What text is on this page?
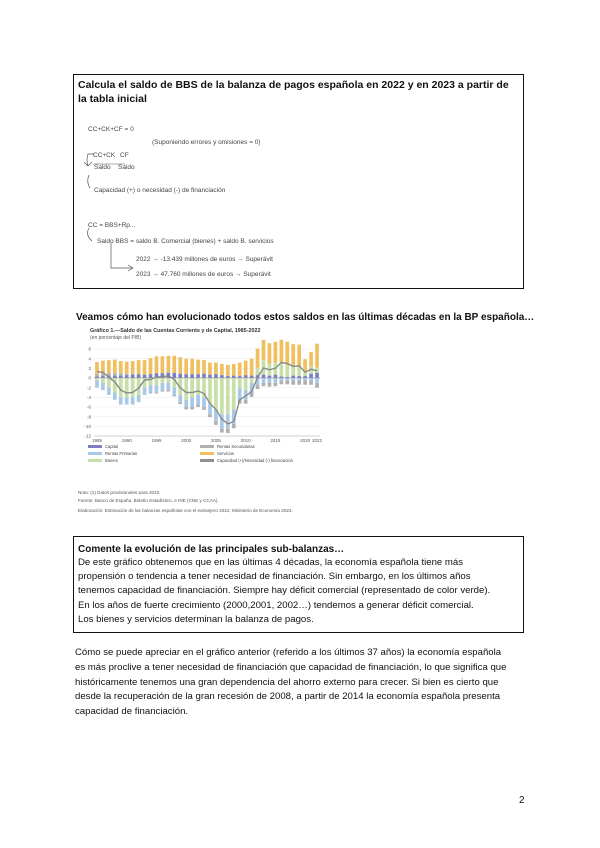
Calcula el saldo de BBS de la balanza de pagos española en 2022 y en 2023 a partir de la tabla inicial
CC+CK+CF = 0
(Suponiendo errores y omisiones = 0)
CC+CK CF
Saldo Saldo
Capacidad (+) o necesidad (-) de financiación
CC = BBS+Rp...
Saldo BBS = saldo B. Comercial (bienes) + saldo B. servicios
2022 → -13.439 millones de euros → Superávit
2023 → 47.760 millones de euros → Superávit
Veamos cómo han evolucionado todos estos saldos en las últimas décadas en la BP española…
Gráfico 1.—Saldo de las Cuentas Corriente y de Capital, 1985-2022
(en porcentaje del PIB)
6
4
2
0
-2
-4
-6
-8
-10
-12
1985	1990	1995	2000	2005	2010	2015	2020 2022
Capital	Rentas Secundarias
Rentas Primarias	Servicios
Bienes	Capacidad (+)/Necesidad (-) financiación
Nota: (1) Datos provisionales para 2022.
Fuente: Banco de España. Boletín Estadístico, e INE (CNE y CCAA).
Elaboración: Estimación de las balanzas españolas con el extranjero 2022, Ministerio de Economía 2023.
Comente la evolución de las principales sub-balanzas…
De este gráfico obtenemos que en las últimas 4 décadas, la economía española tiene más
propensión o tendencia a tener necesidad de financiación. Sin embargo, en los últimos años
tenemos capacidad de financiación. Siempre hay déficit comercial (representado de color verde).
En los años de fuerte crecimiento (2000,2001, 2002…) tendemos a generar déficit comercial.
Los bienes y servicios determinan la balanza de pagos.
Cómo se puede apreciar en el gráfico anterior (referido a los últimos 37 años) la economía española
es más proclive a tener necesidad de financiación que capacidad de financiación, lo que significa que
históricamente tenemos una gran dependencia del ahorro externo para crecer. Si bien es cierto que
desde la recuperación de la gran recesión de 2008, a partir de 2014 la economía española presenta
capacidad de financiación.
2
